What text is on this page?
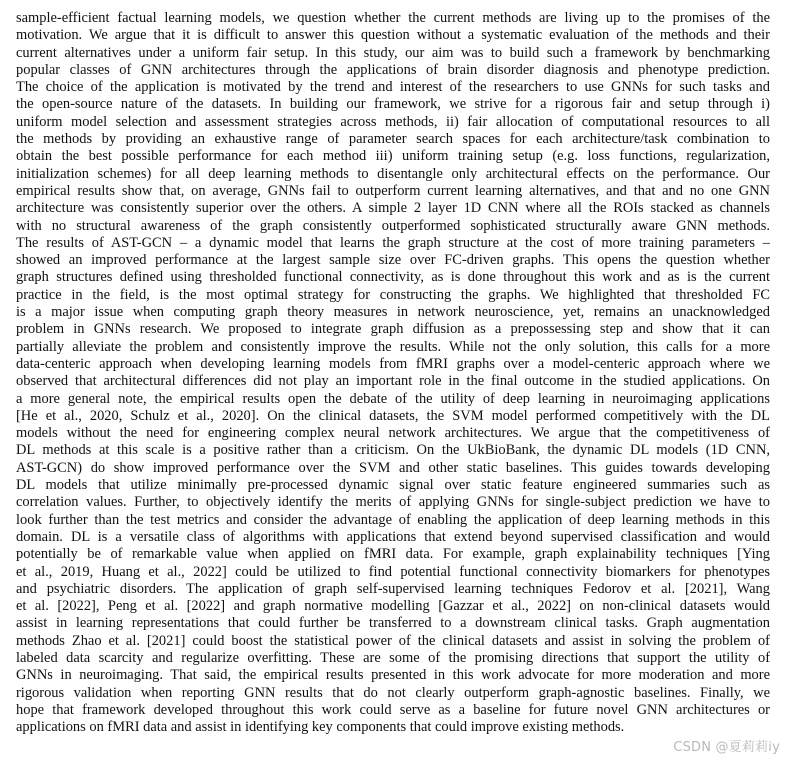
sample-efficient factual learning models, we question whether the current methods are living up to the promises of the
motivation. We argue that it is difficult to answer this question without a systematic evaluation of the methods and their
current alternatives under a uniform fair setup. In this study, our aim was to build such a framework by benchmarking
popular classes of GNN architectures through the applications of brain disorder diagnosis and phenotype prediction.
The choice of the application is motivated by the trend and interest of the researchers to use GNNs for such tasks and
the open-source nature of the datasets. In building our framework, we strive for a rigorous fair and setup through i)
uniform model selection and assessment strategies across methods, ii) fair allocation of computational resources to all
the methods by providing an exhaustive range of parameter search spaces for each architecture/task combination to
obtain the best possible performance for each method iii) uniform training setup (e.g. loss functions, regularization,
initialization schemes) for all deep learning methods to disentangle only architectural effects on the performance. Our
empirical results show that, on average, GNNs fail to outperform current learning alternatives, and that and no one GNN
architecture was consistently superior over the others. A simple 2 layer 1D CNN where all the ROIs stacked as channels
with no structural awareness of the graph consistently outperformed sophisticated structurally aware GNN methods.
The results of AST-GCN – a dynamic model that learns the graph structure at the cost of more training parameters –
showed an improved performance at the largest sample size over FC-driven graphs. This opens the question whether
graph structures defined using thresholded functional connectivity, as is done throughout this work and as is the current
practice in the field, is the most optimal strategy for constructing the graphs. We highlighted that thresholded FC
is a major issue when computing graph theory measures in network neuroscience, yet, remains an unacknowledged
problem in GNNs research. We proposed to integrate graph diffusion as a prepossessing step and show that it can
partially alleviate the problem and consistently improve the results. While not the only solution, this calls for a more
data-centeric approach when developing learning models from fMRI graphs over a model-centeric approach where we
observed that architectural differences did not play an important role in the final outcome in the studied applications. On
a more general note, the empirical results open the debate of the utility of deep learning in neuroimaging applications
[He et al., 2020, Schulz et al., 2020]. On the clinical datasets, the SVM model performed competitively with the DL
models without the need for engineering complex neural network architectures. We argue that the competitiveness of
DL methods at this scale is a positive rather than a criticism. On the UkBioBank, the dynamic DL models (1D CNN,
AST-GCN) do show improved performance over the SVM and other static baselines. This guides towards developing
DL models that utilize minimally pre-processed dynamic signal over static feature engineered summaries such as
correlation values. Further, to objectively identify the merits of applying GNNs for single-subject prediction we have to
look further than the test metrics and consider the advantage of enabling the application of deep learning methods in this
domain. DL is a versatile class of algorithms with applications that extend beyond supervised classification and would
potentially be of remarkable value when applied on fMRI data. For example, graph explainability techniques [Ying
et al., 2019, Huang et al., 2022] could be utilized to find potential functional connectivity biomarkers for phenotypes
and psychiatric disorders. The application of graph self-supervised learning techniques Fedorov et al. [2021], Wang
et al. [2022], Peng et al. [2022] and graph normative modelling [Gazzar et al., 2022] on non-clinical datasets would
assist in learning representations that could further be transferred to a downstream clinical tasks. Graph augmentation
methods Zhao et al. [2021] could boost the statistical power of the clinical datasets and assist in solving the problem of
labeled data scarcity and regularize overfitting. These are some of the promising directions that support the utility of
GNNs in neuroimaging. That said, the empirical results presented in this work advocate for more moderation and more
rigorous validation when reporting GNN results that do not clearly outperform graph-agnostic baselines. Finally, we
hope that framework developed throughout this work could serve as a baseline for future novel GNN architectures or
applications on fMRI data and assist in identifying key components that could improve existing methods.
CSDN @夏莉莉iy
